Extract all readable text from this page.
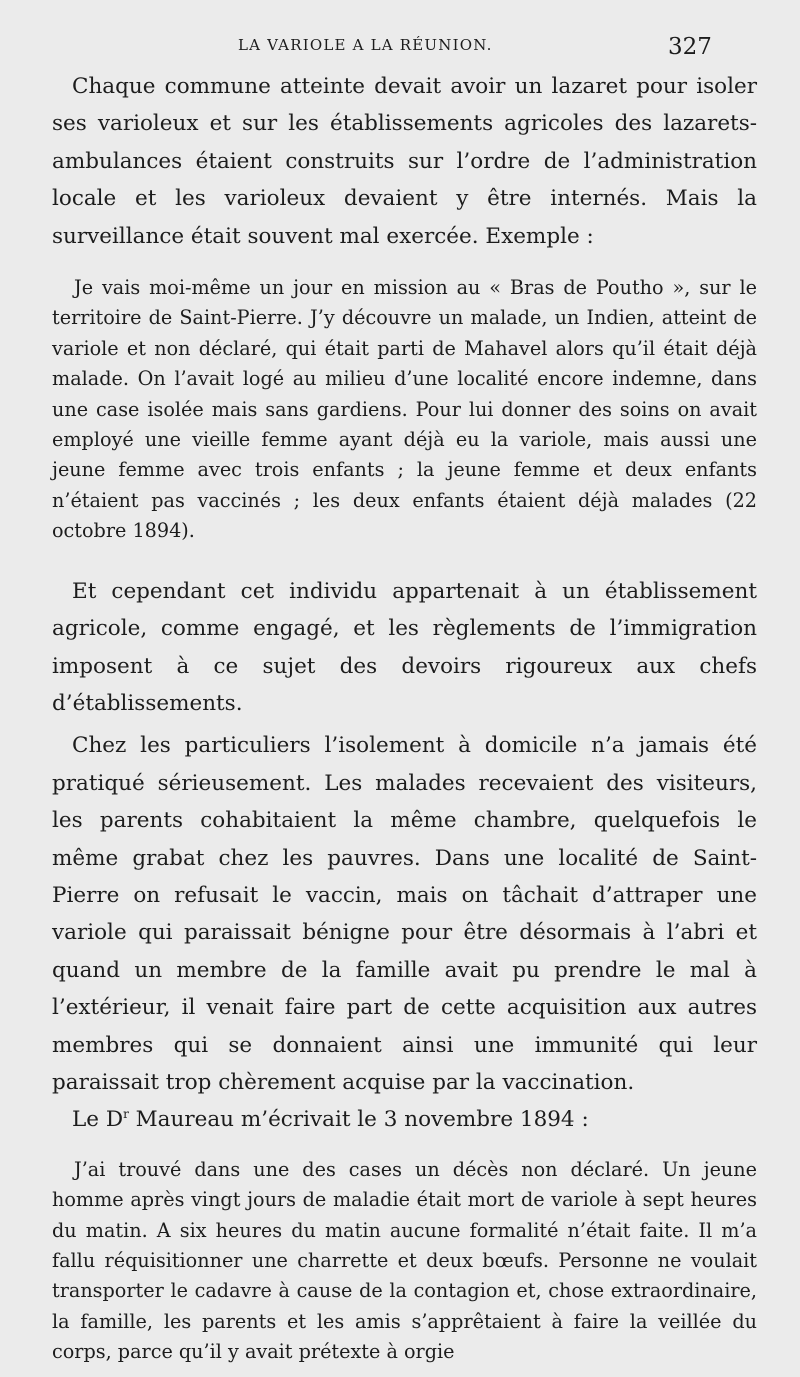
LA VARIOLE A LA RÉUNION.	327

Chaque commune atteinte devait avoir un lazaret pour isoler ses varioleux et sur les établissements agricoles des lazarets-ambulances étaient construits sur l’ordre de l’administration locale et les varioleux devaient y être internés. Mais la surveillance était souvent mal exercée. Exemple :

Je vais moi-même un jour en mission au « Bras de Poutho », sur le territoire de Saint-Pierre. J’y découvre un malade, un Indien, atteint de variole et non déclaré, qui était parti de Mahavel alors qu’il était déjà malade. On l’avait logé au milieu d’une localité encore indemne, dans une case isolée mais sans gardiens. Pour lui donner des soins on avait employé une vieille femme ayant déjà eu la variole, mais aussi une jeune femme avec trois enfants ; la jeune femme et deux enfants n’étaient pas vaccinés ; les deux enfants étaient déjà malades (22 octobre 1894).

Et cependant cet individu appartenait à un établissement agricole, comme engagé, et les règlements de l’immigration imposent à ce sujet des devoirs rigoureux aux chefs d’établissements.

Chez les particuliers l’isolement à domicile n’a jamais été pratiqué sérieusement. Les malades recevaient des visiteurs, les parents cohabitaient la même chambre, quelquefois le même grabat chez les pauvres. Dans une localité de Saint-Pierre on refusait le vaccin, mais on tâchait d’attraper une variole qui paraissait bénigne pour être désormais à l’abri et quand un membre de la famille avait pu prendre le mal à l’extérieur, il venait faire part de cette acquisition aux autres membres qui se donnaient ainsi une immunité qui leur paraissait trop chèrement acquise par la vaccination.

Le $D^r$ Maureau m’écrivait le 3 novembre 1894 :

J’ai trouvé dans une des cases un décès non déclaré. Un jeune homme après vingt jours de maladie était mort de variole à sept heures du matin. A six heures du matin aucune formalité n’était faite. Il m’a fallu réquisitionner une charrette et deux bœufs. Personne ne voulait transporter le cadavre à cause de la contagion et, chose extraordinaire, la famille, les parents et les amis s’apprêtaient à faire la veillée du corps, parce qu’il y avait prétexte à orgie
